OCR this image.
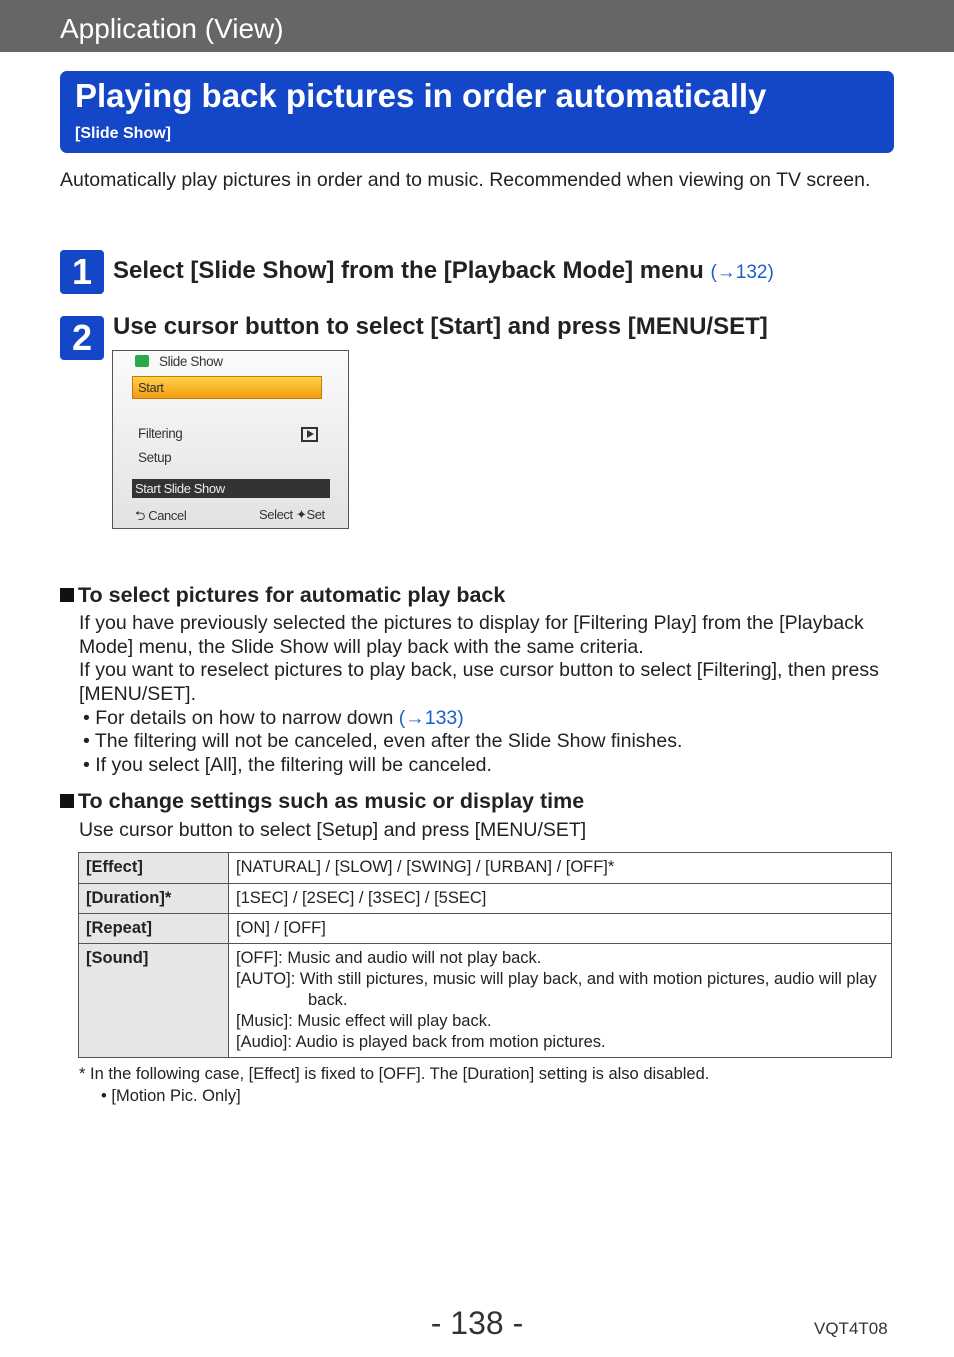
Application (View)
Playing back pictures in order automatically
[Slide Show]
Automatically play pictures in order and to music. Recommended when viewing on TV screen.
1 Select [Slide Show] from the [Playback Mode] menu (→132)
2 Use cursor button to select [Start] and press [MENU/SET]
Slide Show
Start
Filtering
Setup
Start Slide Show
⮌ Cancel	Select ✦Set
To select pictures for automatic play back
If you have previously selected the pictures to display for [Filtering Play] from the [Playback Mode] menu, the Slide Show will play back with the same criteria.
If you want to reselect pictures to play back, use cursor button to select [Filtering], then press [MENU/SET].
• For details on how to narrow down (→133)
• The filtering will not be canceled, even after the Slide Show finishes.
• If you select [All], the filtering will be canceled.
To change settings such as music or display time
Use cursor button to select [Setup] and press [MENU/SET]
[Effect]	[NATURAL] / [SLOW] / [SWING] / [URBAN] / [OFF]*
[Duration]*	[1SEC] / [2SEC] / [3SEC] / [5SEC]
[Repeat]	[ON] / [OFF]
[Sound]	[OFF]: Music and audio will not play back.
[AUTO]: With still pictures, music will play back, and with motion pictures, audio will play back.
[Music]: Music effect will play back.
[Audio]: Audio is played back from motion pictures.
* In the following case, [Effect] is fixed to [OFF]. The [Duration] setting is also disabled.
• [Motion Pic. Only]
- 138 -	VQT4T08
